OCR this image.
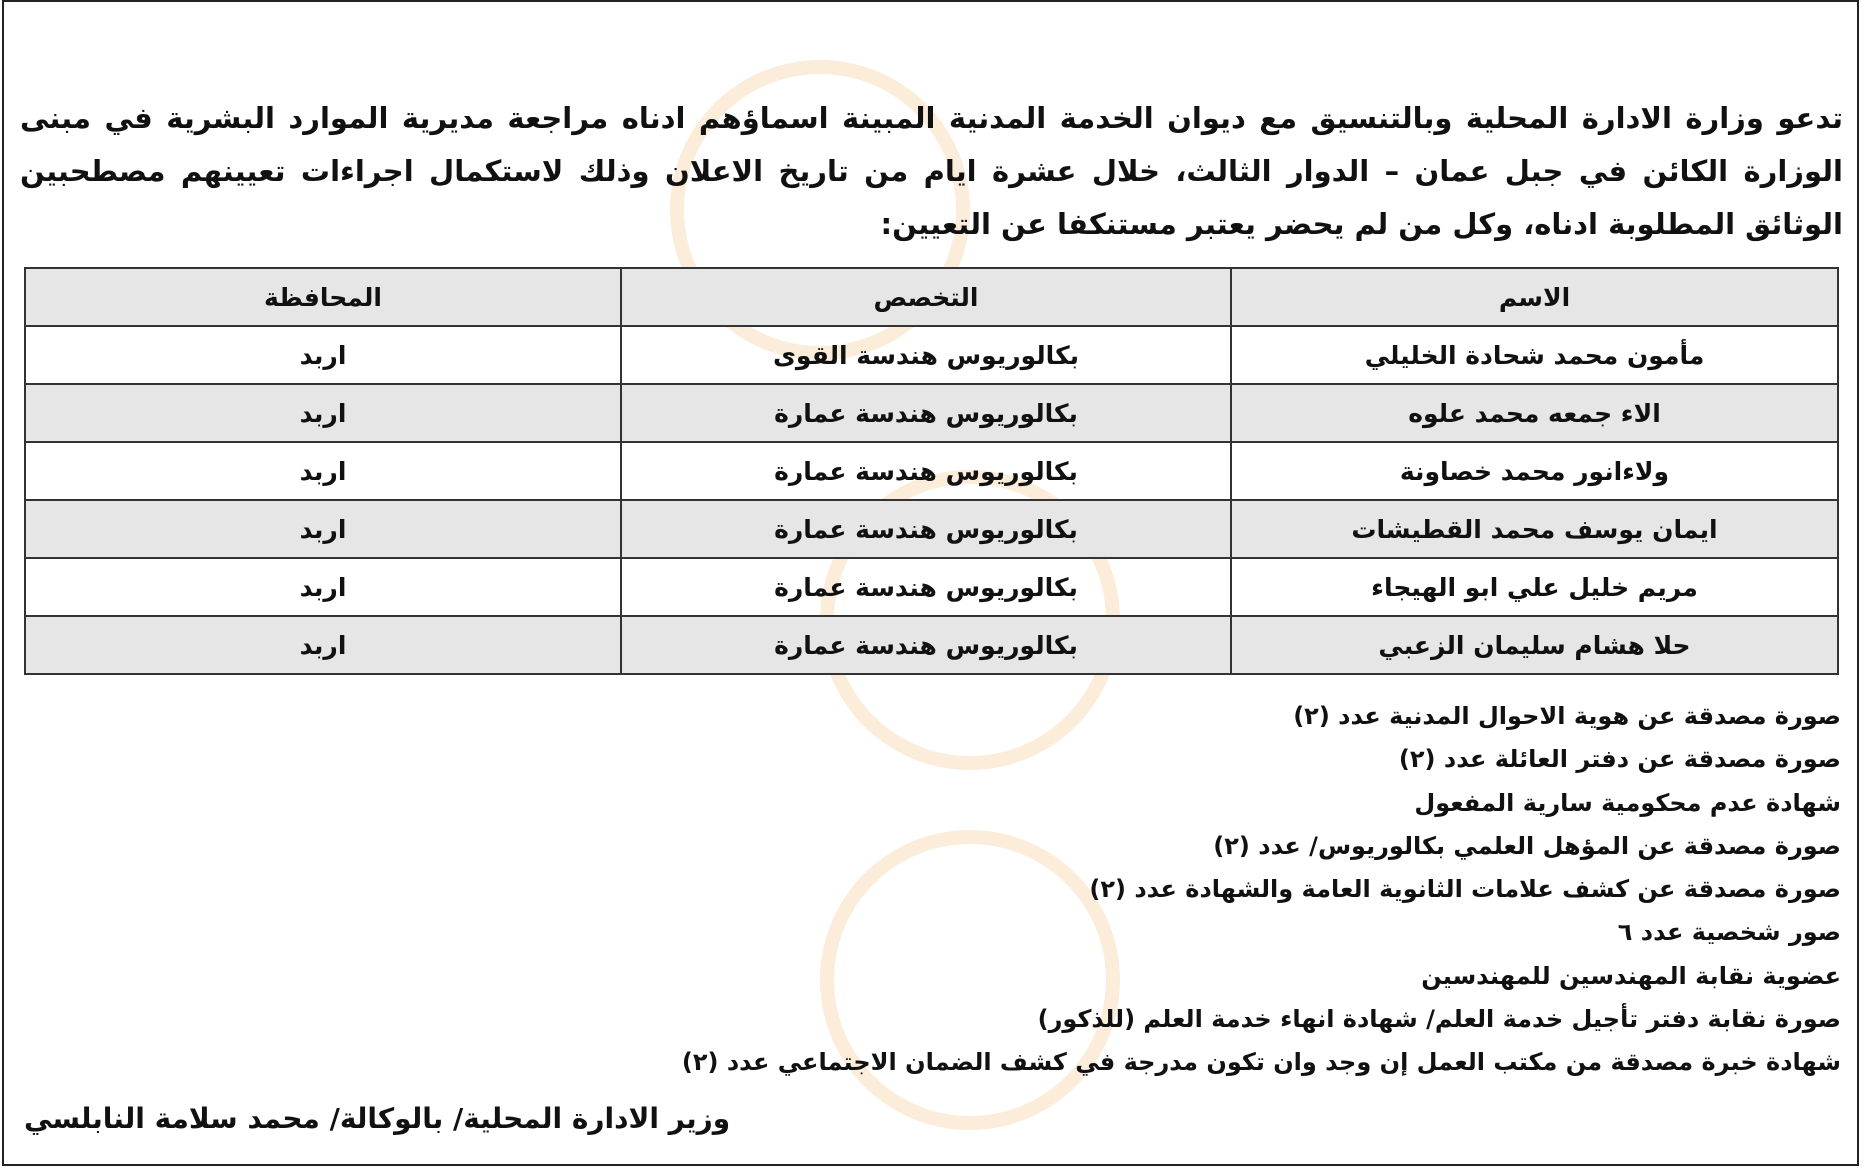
تدعو وزارة الادارة المحلية وبالتنسيق مع ديوان الخدمة المدنية المبينة اسماؤهم ادناه مراجعة مديرية الموارد البشرية في مبنى الوزارة الكائن في جبل عمان – الدوار الثالث، خلال عشرة ايام من تاريخ الاعلان وذلك لاستكمال اجراءات تعيينهم مصطحبين الوثائق المطلوبة ادناه، وكل من لم يحضر يعتبر مستنكفا عن التعيين:
الاسم	التخصص	المحافظة
مأمون محمد شحادة الخليلي	بكالوريوس هندسة القوى	اربد
الاء جمعه محمد علوه	بكالوريوس هندسة عمارة	اربد
ولاءانور محمد خصاونة	بكالوريوس هندسة عمارة	اربد
ايمان يوسف محمد القطيشات	بكالوريوس هندسة عمارة	اربد
مريم خليل علي ابو الهيجاء	بكالوريوس هندسة عمارة	اربد
حلا هشام سليمان الزعبي	بكالوريوس هندسة عمارة	اربد
صورة مصدقة عن هوية الاحوال المدنية عدد (٢)
صورة مصدقة عن دفتر العائلة عدد (٢)
شهادة عدم محكومية سارية المفعول
صورة مصدقة عن المؤهل العلمي بكالوريوس/ عدد (٢)
صورة مصدقة عن كشف علامات الثانوية العامة والشهادة عدد (٢)
صور شخصية عدد ٦
عضوية نقابة المهندسين للمهندسين
صورة نقابة دفتر تأجيل خدمة العلم/ شهادة انهاء خدمة العلم (للذكور)
شهادة خبرة مصدقة من مكتب العمل إن وجد وان تكون مدرجة في كشف الضمان الاجتماعي عدد (٢)
وزير الادارة المحلية/ بالوكالة/ محمد سلامة النابلسي
